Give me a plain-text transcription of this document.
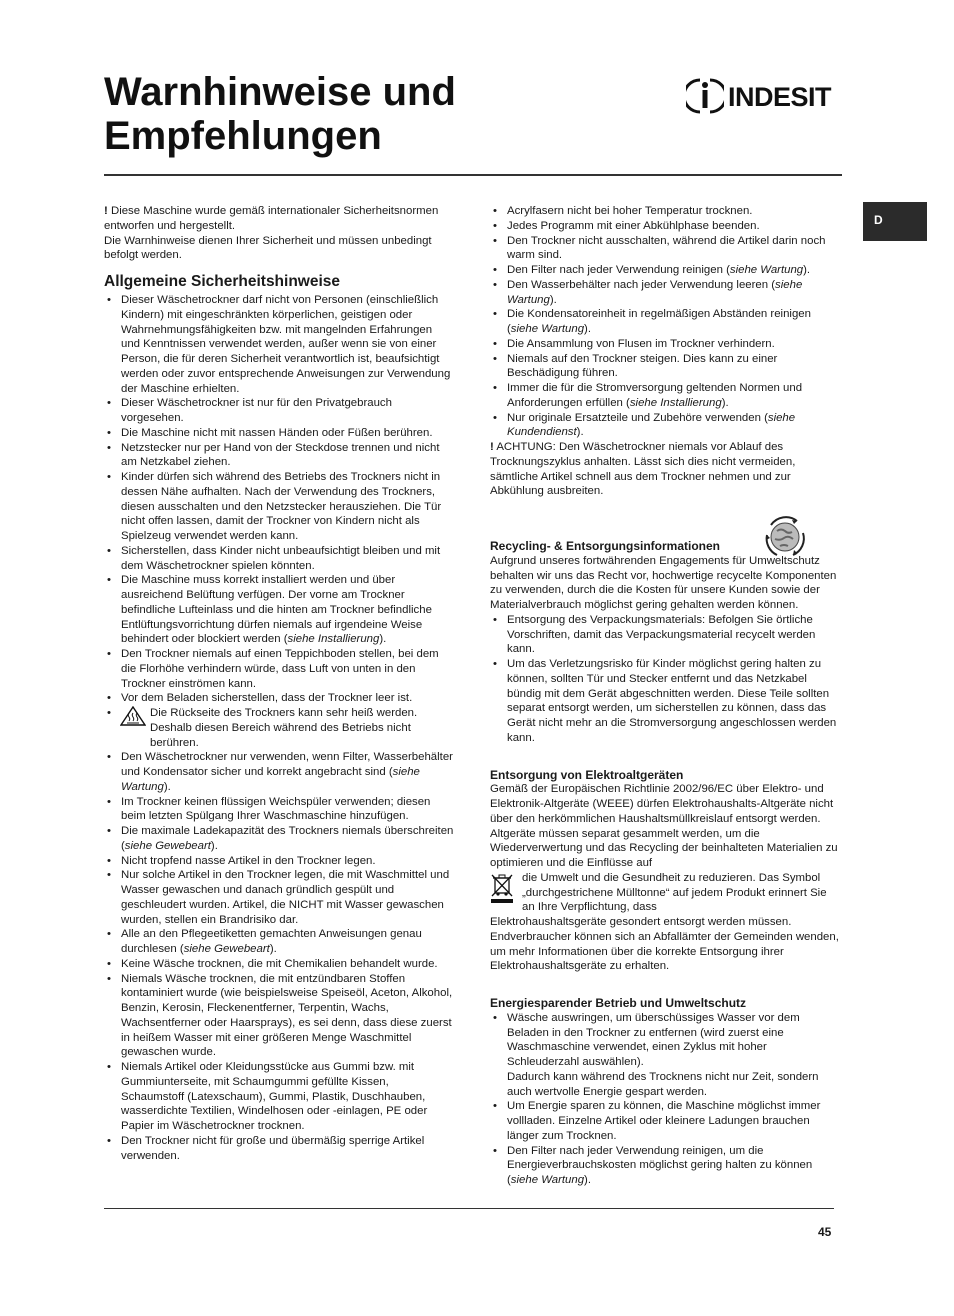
Warnhinweise und
Empfehlungen
INDESIT
D

! Diese Maschine wurde gemäß internationaler Sicherheitsnormen entworfen und hergestellt.

Die Warnhinweise dienen Ihrer Sicherheit und müssen unbedingt befolgt werden.

Allgemeine Sicherheitshinweise

• Dieser Wäschetrockner darf nicht von Personen (einschließlich Kindern) mit eingeschränkten körperlichen, geistigen oder Wahrnehmungsfähigkeiten bzw. mit mangelnden Erfahrungen und Kenntnissen verwendet werden, außer wenn sie von einer Person, die für deren Sicherheit verantwortlich ist, beaufsichtigt werden oder zuvor entsprechende Anweisungen zur Verwendung der Maschine erhielten.
• Dieser Wäschetrockner ist nur für den Privatgebrauch vorgesehen.
• Die Maschine nicht mit nassen Händen oder Füßen berühren.
• Netzstecker nur per Hand von der Steckdose trennen und nicht am Netzkabel ziehen.
• Kinder dürfen sich während des Betriebs des Trockners nicht in dessen Nähe aufhalten. Nach der Verwendung des Trockners, diesen ausschalten und den Netzstecker herausziehen. Die Tür nicht offen lassen, damit der Trockner von Kindern nicht als Spielzeug verwendet werden kann.
• Sicherstellen, dass Kinder nicht unbeaufsichtigt bleiben und mit dem Wäschetrockner spielen könnten.
• Die Maschine muss korrekt installiert werden und über ausreichend Belüftung verfügen. Der vorne am Trockner befindliche Lufteinlass und die hinten am Trockner befindliche Entlüftungsvorrichtung dürfen niemals auf irgendeine Weise behindert oder blockiert werden (siehe Installierung).
• Den Trockner niemals auf einen Teppichboden stellen, bei dem die Florhöhe verhindern würde, dass Luft von unten in den Trockner einströmen kann.
• Vor dem Beladen sicherstellen, dass der Trockner leer ist.
• Die Rückseite des Trockners kann sehr heiß werden. Deshalb diesen Bereich während des Betriebs nicht berühren.
• Den Wäschetrockner nur verwenden, wenn Filter, Wasserbehälter und Kondensator sicher und korrekt angebracht sind (siehe Wartung).
• Im Trockner keinen flüssigen Weichspüler verwenden; diesen beim letzten Spülgang Ihrer Waschmaschine hinzufügen.
• Die maximale Ladekapazität des Trockners niemals überschreiten (siehe Gewebeart).
• Nicht tropfend nasse Artikel in den Trockner legen.
• Nur solche Artikel in den Trockner legen, die mit Waschmittel und Wasser gewaschen und danach gründlich gespült und geschleudert wurden. Artikel, die NICHT mit Wasser gewaschen wurden, stellen ein Brandrisiko dar.
• Alle an den Pflegeetiketten gemachten Anweisungen genau durchlesen (siehe Gewebeart).
• Keine Wäsche trocknen, die mit Chemikalien behandelt wurde.
• Niemals Wäsche trocknen, die mit entzündbaren Stoffen kontaminiert wurde (wie beispielsweise Speiseöl, Aceton, Alkohol, Benzin, Kerosin, Fleckenentferner, Terpentin, Wachs, Wachsentferner oder Haarsprays), es sei denn, dass diese zuerst in heißem Wasser mit einer größeren Menge Waschmittel gewaschen wurde.
• Niemals Artikel oder Kleidungsstücke aus Gummi bzw. mit Gummiunterseite, mit Schaumgummi gefüllte Kissen, Schaumstoff (Latexschaum), Gummi, Plastik, Duschhauben, wasserdichte Textilien, Windelhosen oder -einlagen, PE oder Papier im Wäschetrockner trocknen.
• Den Trockner nicht für große und übermäßig sperrige Artikel verwenden.
• Acrylfasern nicht bei hoher Temperatur trocknen.
• Jedes Programm mit einer Abkühlphase beenden.
• Den Trockner nicht ausschalten, während die Artikel darin noch warm sind.
• Den Filter nach jeder Verwendung reinigen (siehe Wartung).
• Den Wasserbehälter nach jeder Verwendung leeren (siehe Wartung).
• Die Kondensatoreinheit in regelmäßigen Abständen reinigen (siehe Wartung).
• Die Ansammlung von Flusen im Trockner verhindern.
• Niemals auf den Trockner steigen. Dies kann zu einer Beschädigung führen.
• Immer die für die Stromversorgung geltenden Normen und Anforderungen erfüllen (siehe Installierung).
• Nur originale Ersatzteile und Zubehöre verwenden (siehe Kundendienst).

! ACHTUNG: Den Wäschetrockner niemals vor Ablauf des Trocknungszyklus anhalten. Lässt sich dies nicht vermeiden, sämtliche Artikel schnell aus dem Trockner nehmen und zur Abkühlung ausbreiten.

Recycling- & Entsorgungsinformationen

Aufgrund unseres fortwährenden Engagements für Umweltschutz behalten wir uns das Recht vor, hochwertige recycelte Komponenten zu verwenden, durch die die Kosten für unsere Kunden sowie der Materialverbrauch möglichst gering gehalten werden können.

• Entsorgung des Verpackungsmaterials: Befolgen Sie örtliche Vorschriften, damit das Verpackungsmaterial recycelt werden kann.
• Um das Verletzungsrisko für Kinder möglichst gering halten zu können, sollten Tür und Stecker entfernt und das Netzkabel bündig mit dem Gerät abgeschnitten werden. Diese Teile sollten separat entsorgt werden, um sicherstellen zu können, dass das Gerät nicht mehr an die Stromversorgung angeschlossen werden kann.

Entsorgung von Elektroaltgeräten

Gemäß der Europäischen Richtlinie 2002/96/EC über Elektro- und Elektronik-Altgeräte (WEEE) dürfen Elektrohaushalts-Altgeräte nicht über den herkömmlichen Haushaltsmüllkreislauf entsorgt werden. Altgeräte müssen separat gesammelt werden, um die Wiederverwertung und das Recycling der beinhalteten Materialien zu optimieren und die Einflüsse auf

die Umwelt und die Gesundheit zu reduzieren. Das Symbol „durchgestrichene Mülltonne“ auf jedem Produkt erinnert Sie an Ihre Verpflichtung, dass

Elektrohaushaltsgeräte gesondert entsorgt werden müssen. Endverbraucher können sich an Abfallämter der Gemeinden wenden, um mehr Informationen über die korrekte Entsorgung ihrer Elektrohaushaltsgeräte zu erhalten.

Energiesparender Betrieb und Umweltschutz

• Wäsche auswringen, um überschüssiges Wasser vor dem Beladen in den Trockner zu entfernen (wird zuerst eine Waschmaschine verwendet, einen Zyklus mit hoher Schleuderzahl auswählen).
Dadurch kann während des Trocknens nicht nur Zeit, sondern auch wertvolle Energie gespart werden.
• Um Energie sparen zu können, die Maschine möglichst immer vollladen. Einzelne Artikel oder kleinere Ladungen brauchen länger zum Trocknen.
• Den Filter nach jeder Verwendung reinigen, um die Energieverbrauchskosten möglichst gering halten zu können (siehe Wartung).
45
